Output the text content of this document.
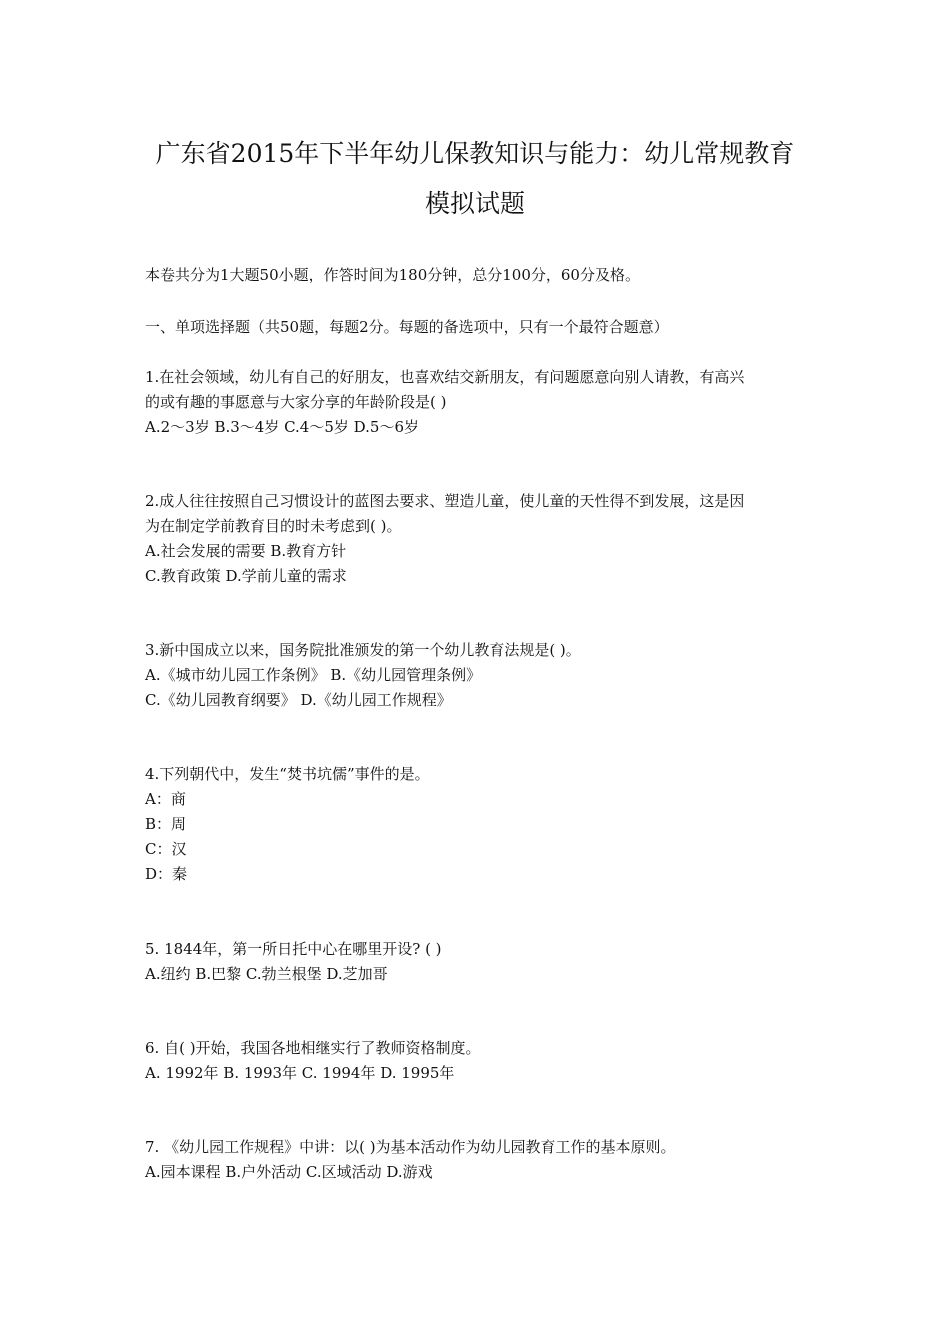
广东省2015年下半年幼儿保教知识与能力：幼儿常规教育
模拟试题
本卷共分为1大题50小题，作答时间为180分钟，总分100分，60分及格。
一、单项选择题（共50题，每题2分。每题的备选项中，只有一个最符合题意）
1.在社会领域，幼儿有自己的好朋友，也喜欢结交新朋友，有问题愿意向别人请教，有高兴
的或有趣的事愿意与大家分享的年龄阶段是( )
A.2～3岁 B.3～4岁 C.4～5岁 D.5～6岁
2.成人往往按照自己习惯设计的蓝图去要求、塑造儿童，使儿童的天性得不到发展，这是因
为在制定学前教育目的时未考虑到( )。
A.社会发展的需要 B.教育方针
C.教育政策 D.学前儿童的需求
3.新中国成立以来，国务院批准颁发的第一个幼儿教育法规是( )。
A.《城市幼儿园工作条例》 B.《幼儿园管理条例》
C.《幼儿园教育纲要》 D.《幼儿园工作规程》
4.下列朝代中，发生“焚书坑儒”事件的是。
A：商
B：周
C：汉
D：秦
5. 1844年，第一所日托中心在哪里开设? ( )
A.纽约 B.巴黎 C.勃兰根堡 D.芝加哥
6. 自( )开始，我国各地相继实行了教师资格制度。
A. 1992年 B. 1993年 C. 1994年 D. 1995年
7. 《幼儿园工作规程》中讲：以( )为基本活动作为幼儿园教育工作的基本原则。
A.园本课程 B.户外活动 C.区域活动 D.游戏
